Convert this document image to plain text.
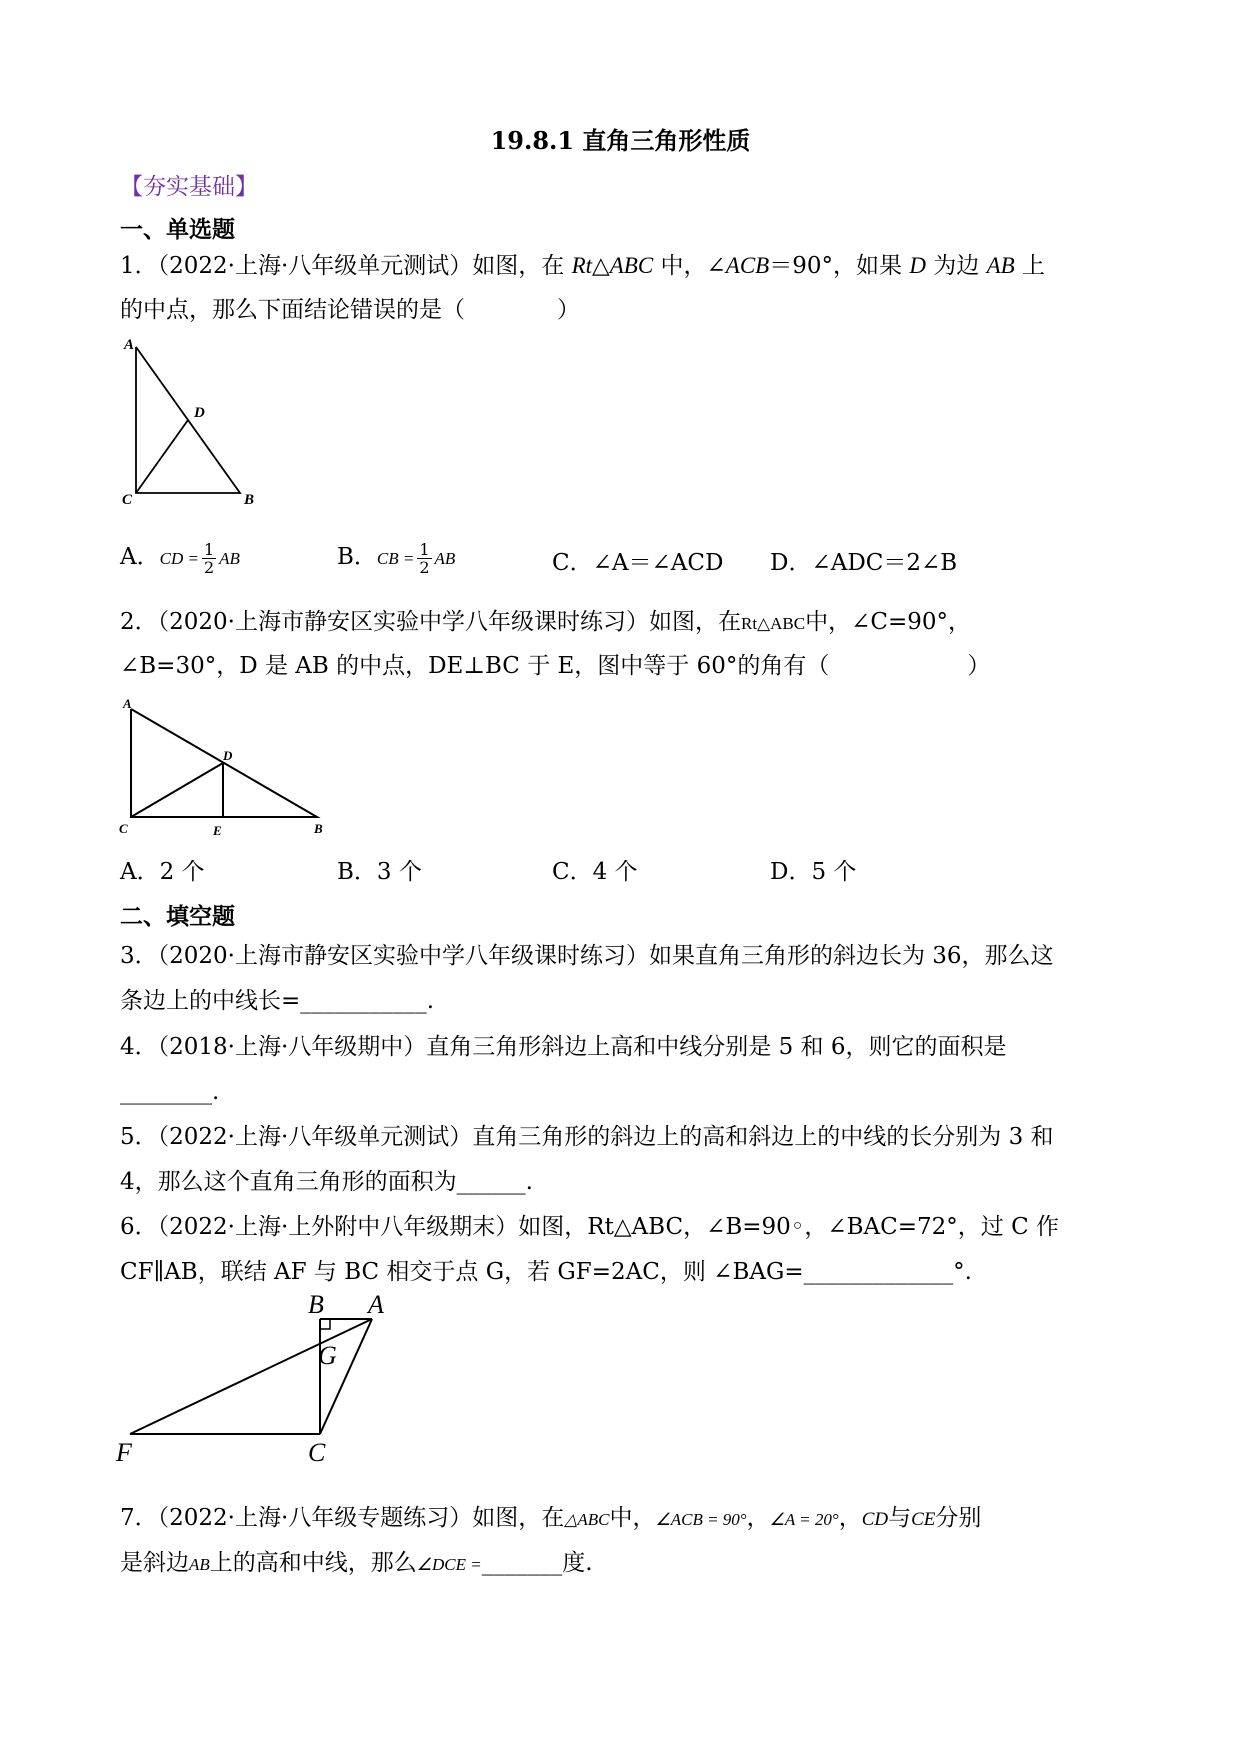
19.8.1 直角三角形性质
【夯实基础】
一、单选题
1．（2022·上海·八年级单元测试）如图，在 Rt△ABC 中，∠ACB＝90°，如果 D 为边 AB 上
的中点，那么下面结论错误的是（　　　　）
A
D
C	B
A．CD = $\frac{1}{2}$ AB	B．CB = $\frac{1}{2}$ AB	C．∠A＝∠ACD D．∠ADC＝2∠B
2．（2020·上海市静安区实验中学八年级课时练习）如图，在Rt△ABC中，∠C=90°，
∠B=30°，D 是 AB 的中点，DE⊥BC 于 E，图中等于 60°的角有（　　　　　　）
A
D
C	E	B
A．2 个	B．3 个	C．4 个	D．5 个
二、填空题
3．（2020·上海市静安区实验中学八年级课时练习）如果直角三角形的斜边长为 36，那么这
条边上的中线长=___________.
4．（2018·上海·八年级期中）直角三角形斜边上高和中线分别是 5 和 6，则它的面积是
________.
5．（2022·上海·八年级单元测试）直角三角形的斜边上的高和斜边上的中线的长分别为 3 和
4，那么这个直角三角形的面积为______.
6．（2022·上海·上外附中八年级期末）如图，Rt△ABC，∠B=90◦，∠BAC=72°，过 C 作
CF∥AB，联结 AF 与 BC 相交于点 G，若 GF=2AC，则 ∠BAG=_____________°.
B A
G
F	C
7．（2022·上海·八年级专题练习）如图，在△ABC中，∠ACB = 90°，∠A = 20°，CD与CE分别
是斜边AB上的高和中线，那么∠DCE =_______度.
